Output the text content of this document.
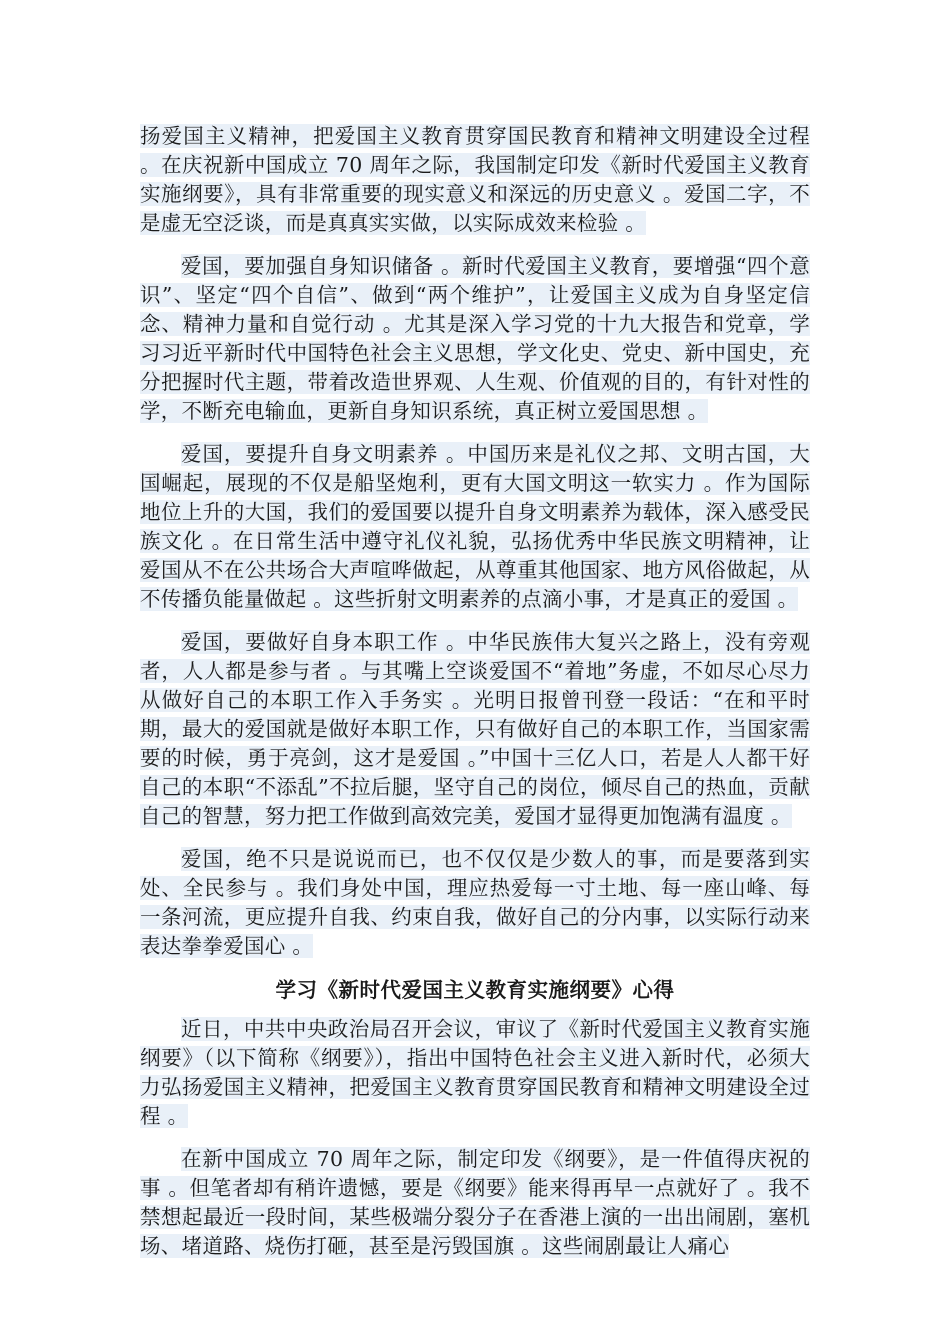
扬爱国主义精神，把爱国主义教育贯穿国民教育和精神文明建设全过程 。在庆祝新中国成立 70 周年之际，我国制定印发《新时代爱国主义教育实施纲要》，具有非常重要的现实意义和深远的历史意义 。爱国二字，不是虚无空泛谈，而是真真实实做，以实际成效来检验 。

爱国，要加强自身知识储备 。新时代爱国主义教育，要增强“四个意识”、坚定“四个自信”、做到“两个维护”，让爱国主义成为自身坚定信念、精神力量和自觉行动 。尤其是深入学习党的十九大报告和党章，学习习近平新时代中国特色社会主义思想，学文化史、党史、新中国史，充分把握时代主题，带着改造世界观、人生观、价值观的目的，有针对性的学，不断充电输血，更新自身知识系统，真正树立爱国思想 。

爱国，要提升自身文明素养 。中国历来是礼仪之邦、文明古国，大国崛起，展现的不仅是船坚炮利，更有大国文明这一软实力 。作为国际地位上升的大国，我们的爱国要以提升自身文明素养为载体，深入感受民族文化 。在日常生活中遵守礼仪礼貌，弘扬优秀中华民族文明精神，让爱国从不在公共场合大声喧哗做起，从尊重其他国家、地方风俗做起，从不传播负能量做起 。这些折射文明素养的点滴小事，才是真正的爱国 。

爱国，要做好自身本职工作 。中华民族伟大复兴之路上，没有旁观者，人人都是参与者 。与其嘴上空谈爱国不“着地”务虚，不如尽心尽力从做好自己的本职工作入手务实 。光明日报曾刊登一段话：“在和平时期，最大的爱国就是做好本职工作，只有做好自己的本职工作，当国家需要的时候，勇于亮剑，这才是爱国 。”中国十三亿人口，若是人人都干好自己的本职“不添乱”不拉后腿，坚守自己的岗位，倾尽自己的热血，贡献自己的智慧，努力把工作做到高效完美，爱国才显得更加饱满有温度 。

爱国，绝不只是说说而已，也不仅仅是少数人的事，而是要落到实处、全民参与 。我们身处中国，理应热爱每一寸土地、每一座山峰、每一条河流，更应提升自我、约束自我，做好自己的分内事，以实际行动来表达拳拳爱国心 。

学习《新时代爱国主义教育实施纲要》心得

近日，中共中央政治局召开会议，审议了《新时代爱国主义教育实施纲要》（以下简称《纲要》），指出中国特色社会主义进入新时代，必须大力弘扬爱国主义精神，把爱国主义教育贯穿国民教育和精神文明建设全过程 。

在新中国成立 70 周年之际，制定印发《纲要》，是一件值得庆祝的事 。但笔者却有稍许遗憾，要是《纲要》能来得再早一点就好了 。我不禁想起最近一段时间，某些极端分裂分子在香港上演的一出出闹剧，塞机场、堵道路、烧伤打砸，甚至是污毁国旗 。这些闹剧最让人痛心
